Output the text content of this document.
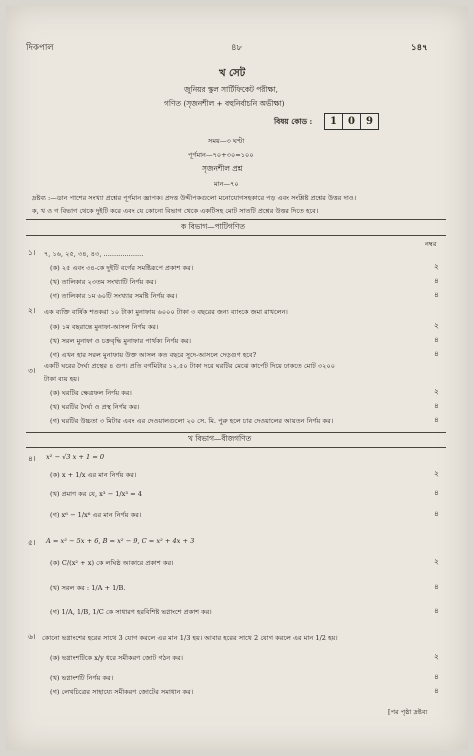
দিকপাল	৪৮	১৪৭
খ সেট
জুনিয়র স্কুল সার্টিফিকেট পরীক্ষা,
গণিত (সৃজনশীল + বহুনির্বাচনি অভীক্ষা)
বিষয় কোড :	1	0	9
সময়—৩ ঘণ্টা
পূর্ণমান—৭০+৩০=১০০
সৃজনশীল প্রশ্ন
মান—৭০
দ্রষ্টব্য :—ডান পাশের সংখ্যা প্রশ্নের পূর্ণমান জ্ঞাপক। প্রদত্ত উদ্দীপকগুলো মনোযোগসহকারে পড় এবং সংশ্লিষ্ট প্রশ্নের উত্তর দাও।
ক, খ ও গ বিভাগ থেকে দুইটি করে এবং যে কোনো বিভাগ থেকে একটিসহ মোট সাতটি প্রশ্নের উত্তর দিতে হবে।
ক বিভাগ—পাটিগণিত
নম্বর
১। ৭, ১৬, ২৫, ৩৪, ৪৩, ...................
(ক) ২৫ এবং ৩৪-কে দুইটি বর্গের সমষ্টিরূপে প্রকাশ কর।	২
(খ) তালিকার ২৩তম সংখ্যাটি নির্ণয় কর।	৪
(গ) তালিকার ১ম ৬০টি সংখ্যার সমষ্টি নির্ণয় কর।	৪
২। এক ব্যক্তি বার্ষিক শতকরা ১০ টাকা মুনাফায় ৬০০০ টাকা ৩ বছরের জন্য ব্যাংকে জমা রাখলেন।
(ক) ১ম বছরান্তে মুনাফা-আসল নির্ণয় কর।	২
(খ) সরল মুনাফা ও চক্রবৃদ্ধি মুনাফার পার্থক্য নির্ণয় কর।	৪
(গ) এখন হার সরল মুনাফায় উক্ত আসল কত বছরে সুদে-আসলে দেড়গুণ হবে?	৪
৩। একটি ঘরের দৈর্ঘ্য প্রস্থের ৪ গুণ। প্রতি বর্গমিটার ১২.৫০ টাকা দরে ঘরটির মেঝে কার্পেট দিয়ে ঢাকতে মোট ৩২০০
টাকা ব্যয় হয়।
(ক) ঘরটির ক্ষেত্রফল নির্ণয় কর।	২
(খ) ঘরটির দৈর্ঘ্য ও প্রস্থ নির্ণয় কর।	৪
(গ) ঘরটির উচ্চতা ৩ মিটার এবং এর দেওয়ালগুলো ২০ সে. মি. পুরু হলে চার দেওয়ালের আয়তন নির্ণয় কর।	৪
খ বিভাগ—বীজগণিত
৪। x² − √3 x + 1 = 0
(ক) x + 1/x এর মান নির্ণয় কর।	২
(খ) প্রমাণ কর যে, x³ − 1/x³ = 4	৪
(গ) x⁶ − 1/x⁶ এর মান নির্ণয় কর।	৪
৫। A = x² − 5x + 6, B = x² − 9, C = x² + 4x + 3
(ক) C/(x² + x) কে লঘিষ্ঠ আকারে প্রকাশ কর।	২
(খ) সরল কর : 1/A + 1/B.	৪
(গ) 1/A, 1/B, 1/C কে সাধারণ হরবিশিষ্ট ভগ্নাংশে প্রকাশ কর।	৪
৬। কোনো ভগ্নাংশের হরের সাথে 3 যোগ করলে এর মান 1/3 হয়। আবার হরের সাথে 2 যোগ করলে এর মান 1/2 হয়।
(ক) ভগ্নাংশটিকে x/y ধরে সমীকরণ জোট গঠন কর।	২
(খ) ভগ্নাংশটি নির্ণয় কর।	৪
(গ) লেখচিত্রের সাহায্যে সমীকরণ জোটের সমাধান কর।	৪
[পর পৃষ্ঠা দ্রষ্টব্য
